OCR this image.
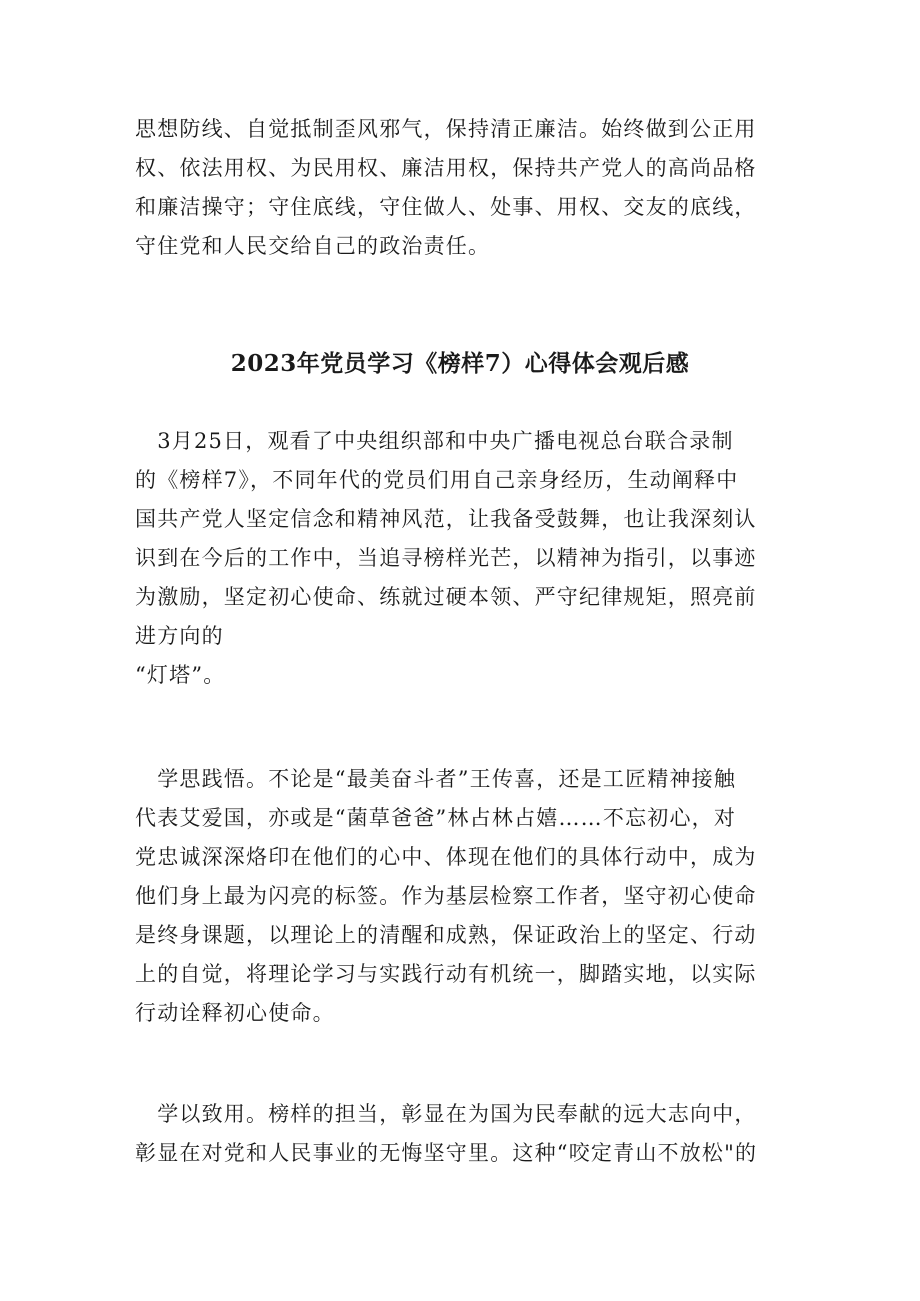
思想防线、自觉抵制歪风邪气，保持清正廉洁。始终做到公正用
权、依法用权、为民用权、廉洁用权，保持共产党人的高尚品格
和廉洁操守；守住底线，守住做人、处事、用权、交友的底线，
守住党和人民交给自己的政治责任。

2023年党员学习《榜样7）心得体会观后感

　3月25日，观看了中央组织部和中央广播电视总台联合录制
的《榜样7》，不同年代的党员们用自己亲身经历，生动阐释中
国共产党人坚定信念和精神风范，让我备受鼓舞，也让我深刻认
识到在今后的工作中，当追寻榜样光芒，以精神为指引，以事迹
为激励，坚定初心使命、练就过硬本领、严守纪律规矩，照亮前
进方向的
“灯塔”。

　学思践悟。不论是“最美奋斗者”王传喜，还是工匠精神接触
代表艾爱国，亦或是“菌草爸爸”林占林占嬉……不忘初心，对
党忠诚深深烙印在他们的心中、体现在他们的具体行动中，成为
他们身上最为闪亮的标签。作为基层检察工作者，坚守初心使命
是终身课题，以理论上的清醒和成熟，保证政治上的坚定、行动
上的自觉，将理论学习与实践行动有机统一，脚踏实地，以实际
行动诠释初心使命。

　学以致用。榜样的担当，彰显在为国为民奉献的远大志向中，
彰显在对党和人民事业的无悔坚守里。这种“咬定青山不放松"的
